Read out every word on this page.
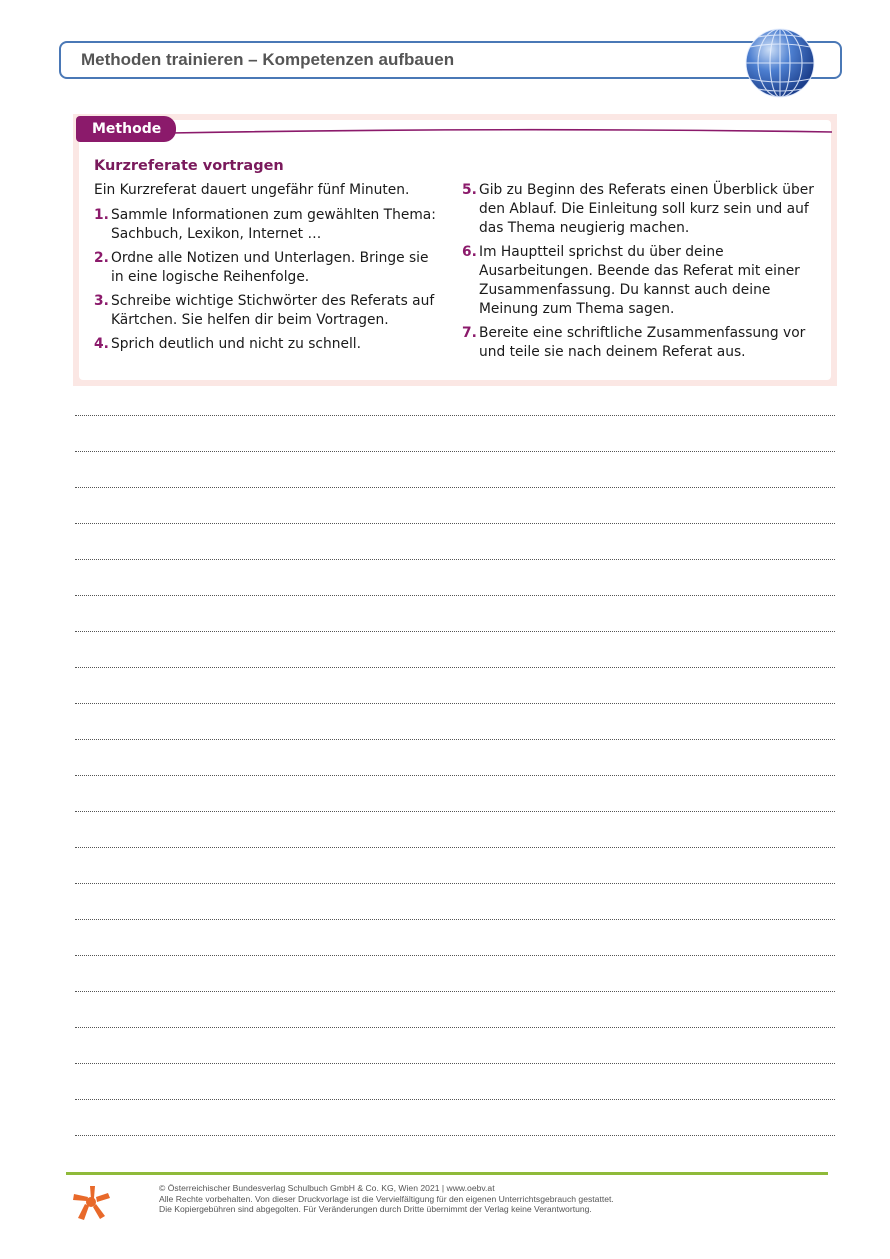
Methoden trainieren – Kompetenzen aufbauen
Methode
Kurzreferate vortragen
Ein Kurzreferat dauert ungefähr fünf Minuten.
1. Sammle Informationen zum gewählten Thema: Sachbuch, Lexikon, Internet …
2. Ordne alle Notizen und Unterlagen. Bringe sie in eine logische Reihenfolge.
3. Schreibe wichtige Stichwörter des Referats auf Kärtchen. Sie helfen dir beim Vortragen.
4. Sprich deutlich und nicht zu schnell.
5. Gib zu Beginn des Referats einen Überblick über den Ablauf. Die Einleitung soll kurz sein und auf das Thema neugierig machen.
6. Im Hauptteil sprichst du über deine Ausarbeitungen. Beende das Referat mit einer Zusammenfassung. Du kannst auch deine Meinung zum Thema sagen.
7. Bereite eine schriftliche Zusammenfassung vor und teile sie nach deinem Referat aus.
© Österreichischer Bundesverlag Schulbuch GmbH & Co. KG, Wien 2021 | www.oebv.at
Alle Rechte vorbehalten. Von dieser Druckvorlage ist die Vervielfältigung für den eigenen Unterrichtsgebrauch gestattet.
Die Kopiergebühren sind abgegolten. Für Veränderungen durch Dritte übernimmt der Verlag keine Verantwortung.
